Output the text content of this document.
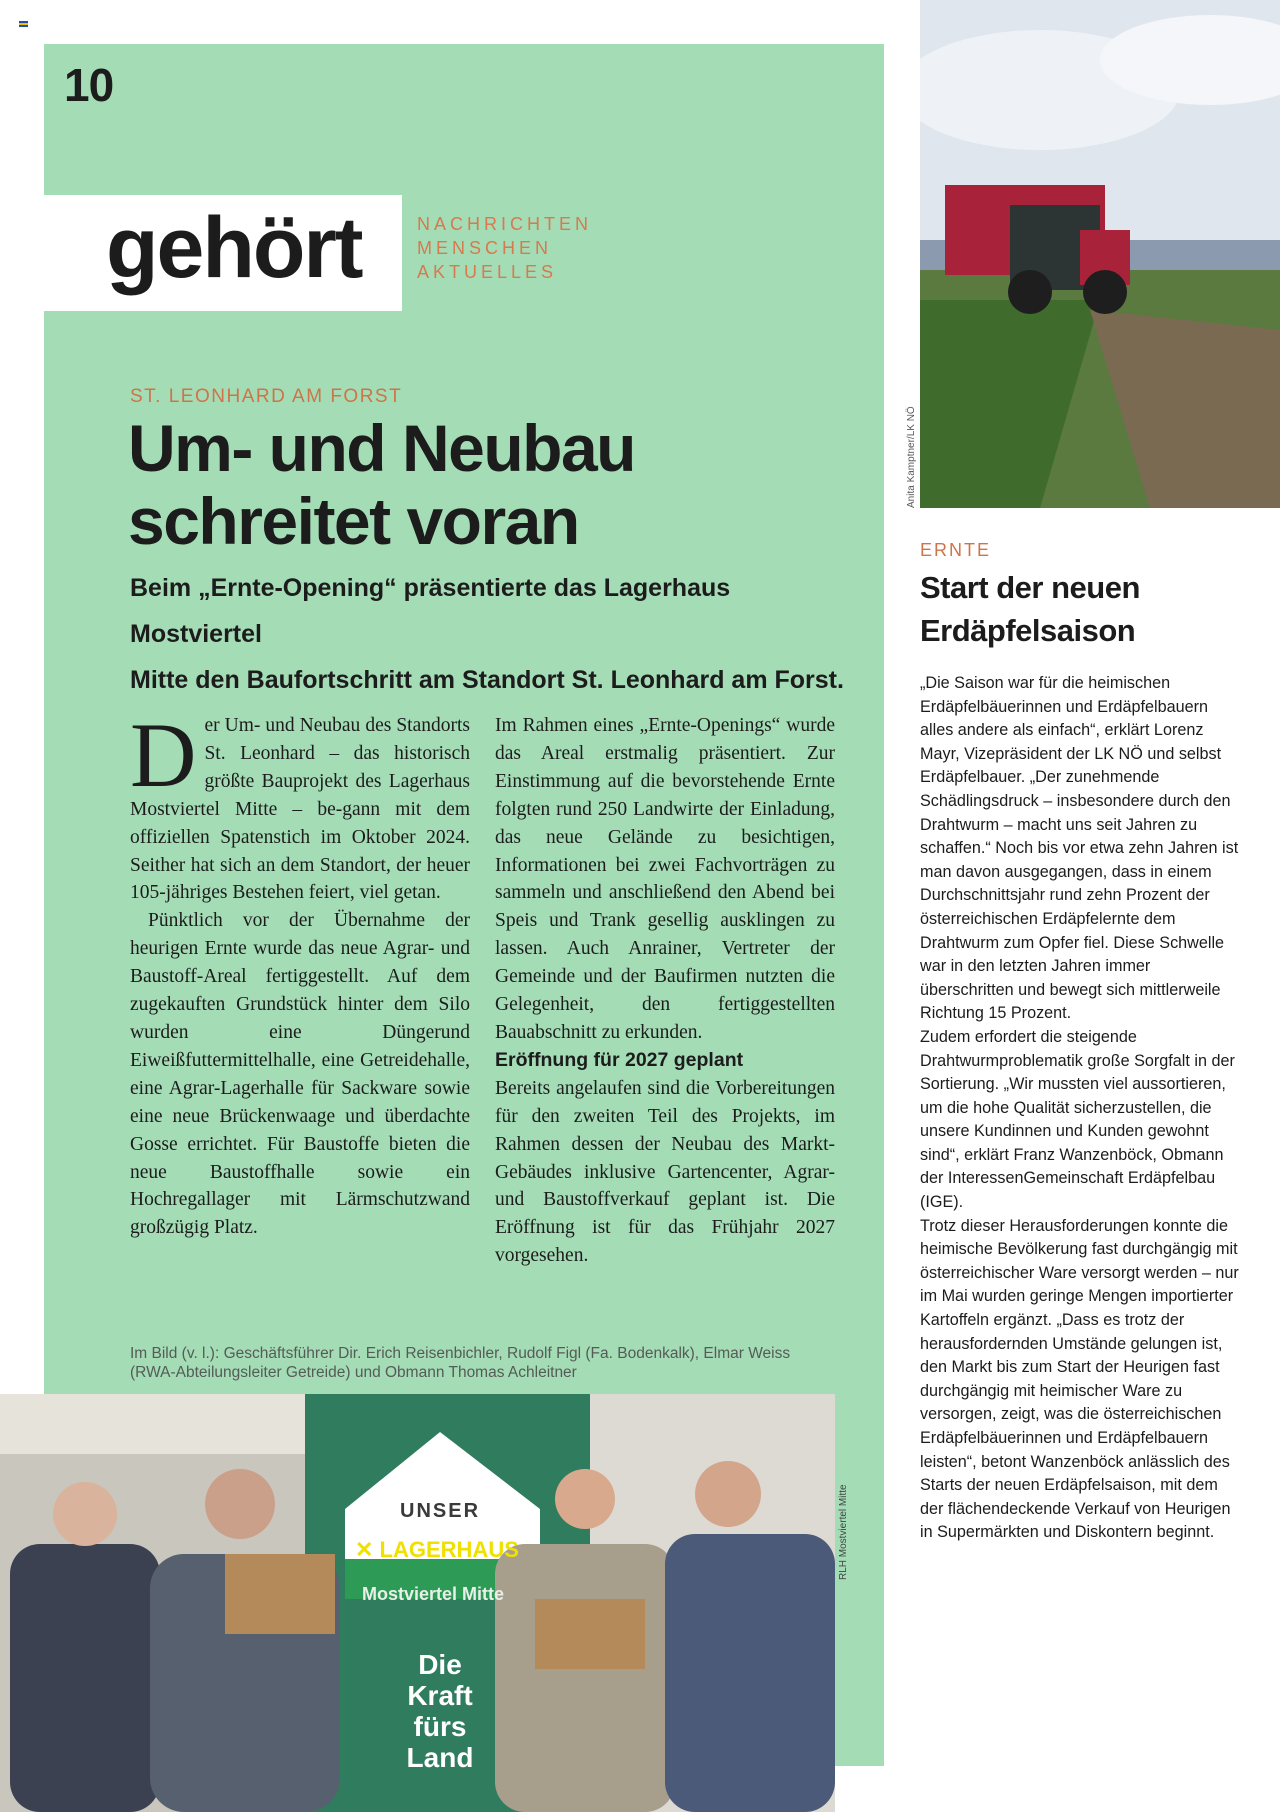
10
gehört	NACHRICHTEN
MENSCHEN
AKTUELLES
ST. LEONHARD AM FORST
Um- und Neubau
schreitet voran
Beim „Ernte-Opening“ präsentierte das Lagerhaus Mostviertel
Mitte den Baufortschritt am Standort St. Leonhard am Forst.

Der Um- und Neubau des Standorts St. Leonhard – das historisch größte Bauprojekt des Lagerhaus Mostviertel Mitte – be-gann mit dem offiziellen Spatenstich im Oktober 2024. Seither hat sich an dem Standort, der heuer 105-jähriges Bestehen feiert, viel getan.

Pünktlich vor der Übernahme der heurigen Ernte wurde das neue Agrar- und Baustoff-Areal fertiggestellt. Auf dem zugekauften Grundstück hinter dem Silo wurden eine Düngerund Eiweißfuttermittelhalle, eine Getreidehalle, eine Agrar-Lagerhalle für Sackware sowie eine neue Brückenwaage und überdachte Gosse errichtet. Für Baustoffe bieten die neue Baustoffhalle sowie ein Hochregallager mit Lärmschutzwand großzügig Platz.

Im Rahmen eines „Ernte-Openings“ wurde das Areal erstmalig präsentiert. Zur Einstimmung auf die bevorstehende Ernte folgten rund 250 Landwirte der Einladung, das neue Gelände zu besichtigen, Informationen bei zwei Fachvorträgen zu sammeln und anschließend den Abend bei Speis und Trank gesellig ausklingen zu lassen. Auch Anrainer, Vertreter der Gemeinde und der Baufirmen nutzten die Gelegenheit, den fertiggestellten Bauabschnitt zu erkunden.

Eröffnung für 2027 geplant

Bereits angelaufen sind die Vorbereitungen für den zweiten Teil des Projekts, im Rahmen dessen der Neubau des Markt-Gebäudes inklusive Gartencenter, Agrar- und Baustoffverkauf geplant ist. Die Eröffnung ist für das Frühjahr 2027 vorgesehen.

Im Bild (v. l.): Geschäftsführer Dir. Erich Reisenbichler, Rudolf Figl (Fa. Bodenkalk), Elmar Weiss (RWA-Abteilungsleiter Getreide) und Obmann Thomas Achleitner
UNSER
✕ LAGERHAUS
Mostviertel Mitte
Die
Kraft
fürs
Land
RLH Mostviertel Mitte
Anita Kamptner/LK NÖ
ERNTE
Start der neuen
Erdäpfelsaison

„Die Saison war für die heimischen Erdäpfelbäuerinnen und Erdäpfelbauern alles andere als einfach“, erklärt Lorenz Mayr, Vizepräsident der LK NÖ und selbst Erdäpfelbauer. „Der zunehmende Schädlingsdruck – insbesondere durch den Drahtwurm – macht uns seit Jahren zu schaffen.“ Noch bis vor etwa zehn Jahren ist man davon ausgegangen, dass in einem Durchschnittsjahr rund zehn Prozent der österreichischen Erdäpfelernte dem Drahtwurm zum Opfer fiel. Diese Schwelle war in den letzten Jahren immer überschritten und bewegt sich mittlerweile Richtung 15 Prozent.

Zudem erfordert die steigende Drahtwurmproblematik große Sorgfalt in der Sortierung. „Wir mussten viel aussortieren, um die hohe Qualität sicherzustellen, die unsere Kundinnen und Kunden gewohnt sind“, erklärt Franz Wanzenböck, Obmann der InteressenGemeinschaft Erdäpfelbau (IGE).

Trotz dieser Herausforderungen konnte die heimische Bevölkerung fast durchgängig mit österreichischer Ware versorgt werden – nur im Mai wurden geringe Mengen importierter Kartoffeln ergänzt. „Dass es trotz der herausfordernden Umstände gelungen ist, den Markt bis zum Start der Heurigen fast durchgängig mit heimischer Ware zu versorgen, zeigt, was die österreichischen Erdäpfelbäuerinnen und Erdäpfelbauern leisten“, betont Wanzenböck anlässlich des Starts der neuen Erdäpfelsaison, mit dem der flächendeckende Verkauf von Heurigen in Supermärkten und Diskontern beginnt.
